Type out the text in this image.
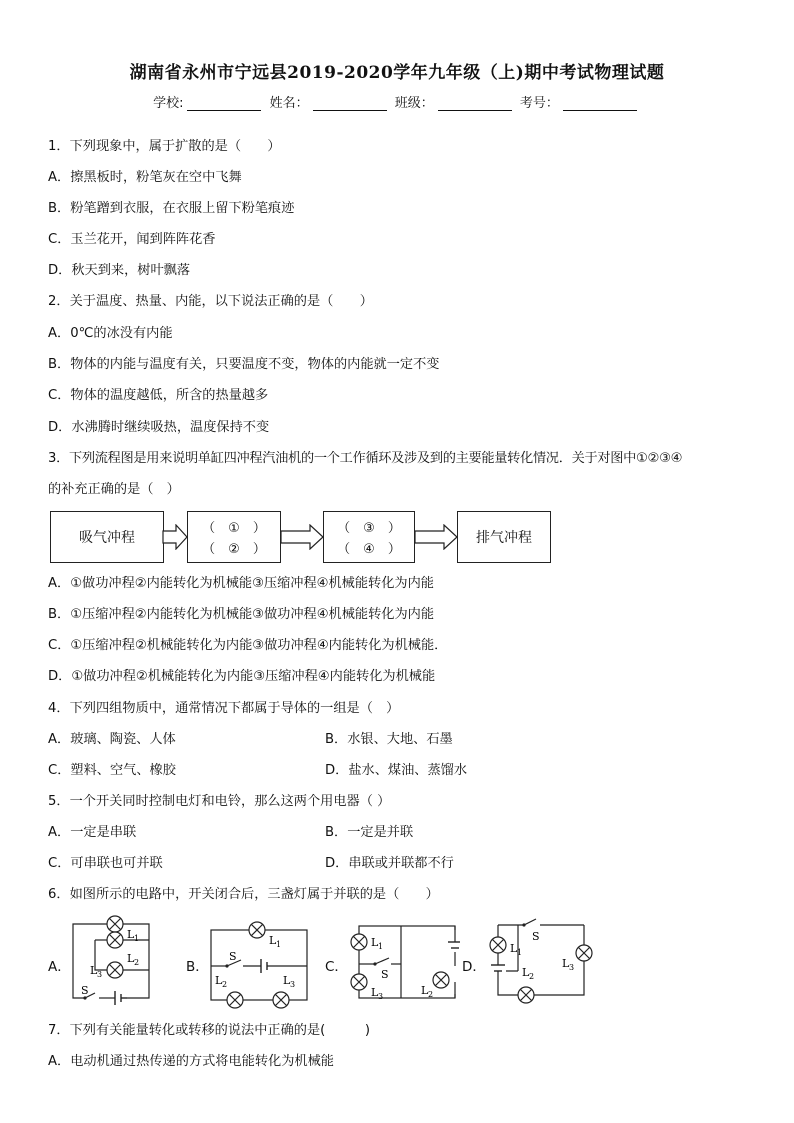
湖南省永州市宁远县2019-2020学年九年级（上)期中考试物理试题
学校:	姓名：	班级：	考号：
1．下列现象中，属于扩散的是（　　）
A．擦黑板时，粉笔灰在空中飞舞
B．粉笔蹭到衣服，在衣服上留下粉笔痕迹
C．玉兰花开，闻到阵阵花香
D．秋天到来，树叶飘落
2．关于温度、热量、内能，以下说法正确的是（　　）
A．0℃的冰没有内能
B．物体的内能与温度有关，只要温度不变，物体的内能就一定不变
C．物体的温度越低，所含的热量越多
D．水沸腾时继续吸热，温度保持不变
3．下列流程图是用来说明单缸四冲程汽油机的一个工作循环及涉及到的主要能量转化情况．关于对图中①②③④
的补充正确的是（　）
吸气冲程
（　①　）
（　②　）
（　③　）
（　④　）
排气冲程
A．①做功冲程②内能转化为机械能③压缩冲程④机械能转化为内能
B．①压缩冲程②内能转化为机械能③做功冲程④机械能转化为内能
C．①压缩冲程②机械能转化为内能③做功冲程④内能转化为机械能．
D．①做功冲程②机械能转化为内能③压缩冲程④内能转化为机械能
4．下列四组物质中，通常情况下都属于导体的一组是（　）
A．玻璃、陶瓷、人体	B．水银、大地、石墨
C．塑料、空气、橡胶	D．盐水、煤油、蒸馏水
5．一个开关同时控制电灯和电铃，那么这两个用电器（ ）
A．一定是串联	B．一定是并联
C．可串联也可并联	D．串联或并联都不行
6．如图所示的电路中，开关闭合后，三盏灯属于并联的是（　　）
A．	B．	C．	D．
L 1
L 2
L 3
S
L 1
S
L 2	L 3
L 1
S
L 3	L 2
S
L 1
L 2
L 3
7．下列有关能量转化或转移的说法中正确的是(　　　)
A．电动机通过热传递的方式将电能转化为机械能
